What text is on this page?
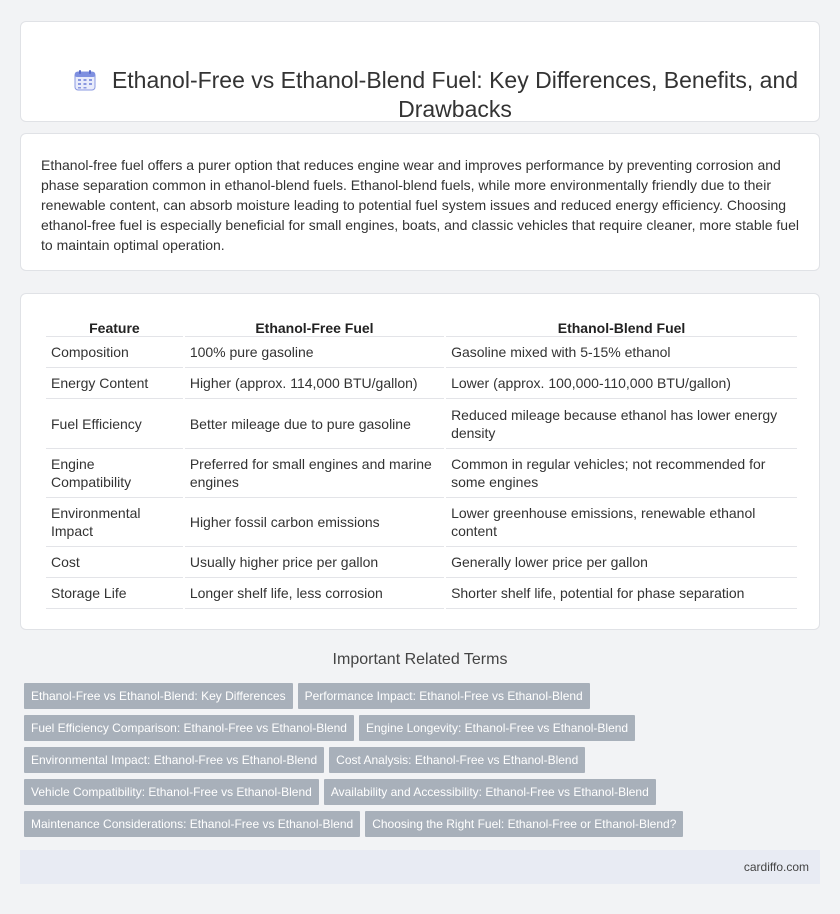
Ethanol-Free vs Ethanol-Blend Fuel: Key Differences, Benefits, and Drawbacks

Ethanol-free fuel offers a purer option that reduces engine wear and improves performance by preventing corrosion and phase separation common in ethanol-blend fuels. Ethanol-blend fuels, while more environmentally friendly due to their renewable content, can absorb moisture leading to potential fuel system issues and reduced energy efficiency. Choosing ethanol-free fuel is especially beneficial for small engines, boats, and classic vehicles that require cleaner, more stable fuel to maintain optimal operation.

Feature	Ethanol-Free Fuel	Ethanol-Blend Fuel
Composition	100% pure gasoline	Gasoline mixed with 5-15% ethanol
Energy Content	Higher (approx. 114,000 BTU/gallon)	Lower (approx. 100,000-110,000 BTU/gallon)
Fuel Efficiency	Better mileage due to pure gasoline	Reduced mileage because ethanol has lower energy density
Engine Compatibility	Preferred for small engines and marine engines	Common in regular vehicles; not recommended for some engines
Environmental Impact	Higher fossil carbon emissions	Lower greenhouse emissions, renewable ethanol content
Cost	Usually higher price per gallon	Generally lower price per gallon
Storage Life	Longer shelf life, less corrosion	Shorter shelf life, potential for phase separation
Important Related Terms
Ethanol-Free vs Ethanol-Blend: Key Differences Performance Impact: Ethanol-Free vs Ethanol-Blend
Fuel Efficiency Comparison: Ethanol-Free vs Ethanol-Blend Engine Longevity: Ethanol-Free vs Ethanol-Blend
Environmental Impact: Ethanol-Free vs Ethanol-Blend Cost Analysis: Ethanol-Free vs Ethanol-Blend
Vehicle Compatibility: Ethanol-Free vs Ethanol-Blend Availability and Accessibility: Ethanol-Free vs Ethanol-Blend
Maintenance Considerations: Ethanol-Free vs Ethanol-Blend Choosing the Right Fuel: Ethanol-Free or Ethanol-Blend?
cardiffo.com
